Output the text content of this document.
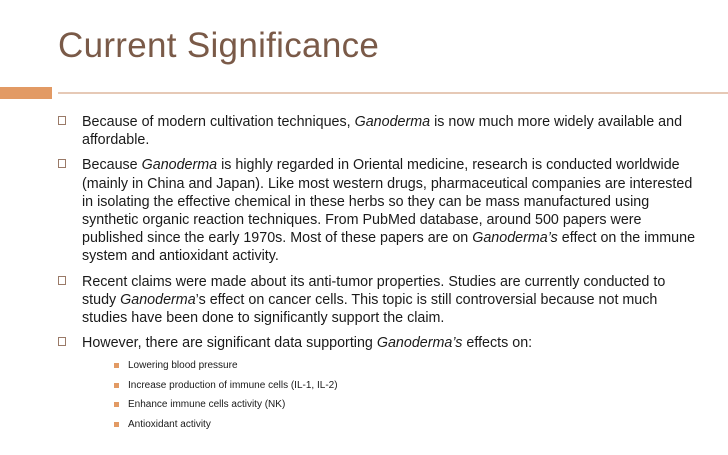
Current Significance
Because of modern cultivation techniques, Ganoderma is now much more widely available and affordable.
Because Ganoderma is highly regarded in Oriental medicine, research is conducted worldwide (mainly in China and Japan). Like most western drugs, pharmaceutical companies are interested in isolating the effective chemical in these herbs so they can be mass manufactured using synthetic organic reaction techniques. From PubMed database, around 500 papers were published since the early 1970s. Most of these papers are on Ganoderma’s effect on the immune system and antioxidant activity.
Recent claims were made about its anti-tumor properties. Studies are currently conducted to study Ganoderma’s effect on cancer cells. This topic is still controversial because not much studies have been done to significantly support the claim.
However, there are significant data supporting Ganoderma’s effects on:
Lowering blood pressure
Increase production of immune cells (IL-1, IL-2)
Enhance immune cells activity (NK)
Antioxidant activity
